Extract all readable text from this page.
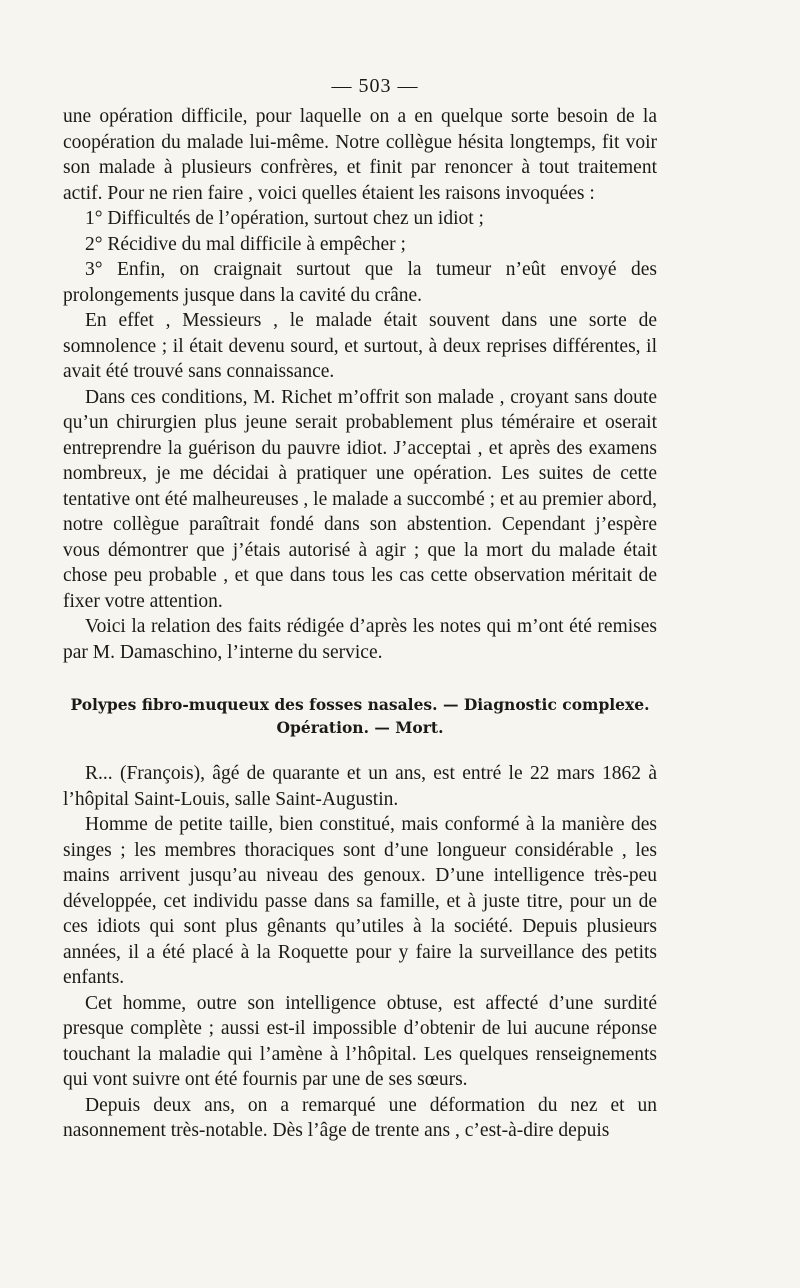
— 503 —

une opération difficile, pour laquelle on a en quelque sorte besoin de la coopération du malade lui-même. Notre collègue hésita longtemps, fit voir son malade à plusieurs confrères, et finit par renoncer à tout traitement actif. Pour ne rien faire , voici quelles étaient les raisons invoquées :

1° Difficultés de l’opération, surtout chez un idiot ;

2° Récidive du mal difficile à empêcher ;

3° Enfin, on craignait surtout que la tumeur n’eût envoyé des prolongements jusque dans la cavité du crâne.

En effet , Messieurs , le malade était souvent dans une sorte de somnolence ; il était devenu sourd, et surtout, à deux reprises différentes, il avait été trouvé sans connaissance.

Dans ces conditions, M. Richet m’offrit son malade , croyant sans doute qu’un chirurgien plus jeune serait probablement plus téméraire et oserait entreprendre la guérison du pauvre idiot. J’acceptai , et après des examens nombreux, je me décidai à pratiquer une opération. Les suites de cette tentative ont été malheureuses , le malade a succombé ; et au premier abord, notre collègue paraîtrait fondé dans son abstention. Cependant j’espère vous démontrer que j’étais autorisé à agir ; que la mort du malade était chose peu probable , et que dans tous les cas cette observation méritait de fixer votre attention.

Voici la relation des faits rédigée d’après les notes qui m’ont été remises par M. Damaschino, l’interne du service.

Polypes fibro-muqueux des fosses nasales. — Diagnostic complexe.
Opération. — Mort.

R... (François), âgé de quarante et un ans, est entré le 22 mars 1862 à l’hôpital Saint-Louis, salle Saint-Augustin.

Homme de petite taille, bien constitué, mais conformé à la manière des singes ; les membres thoraciques sont d’une longueur considérable , les mains arrivent jusqu’au niveau des genoux. D’une intelligence très-peu développée, cet individu passe dans sa famille, et à juste titre, pour un de ces idiots qui sont plus gênants qu’utiles à la société. Depuis plusieurs années, il a été placé à la Roquette pour y faire la surveillance des petits enfants.

Cet homme, outre son intelligence obtuse, est affecté d’une surdité presque complète ; aussi est-il impossible d’obtenir de lui aucune réponse touchant la maladie qui l’amène à l’hôpital. Les quelques renseignements qui vont suivre ont été fournis par une de ses sœurs.

Depuis deux ans, on a remarqué une déformation du nez et un nasonnement très-notable. Dès l’âge de trente ans , c’est-à-dire depuis
